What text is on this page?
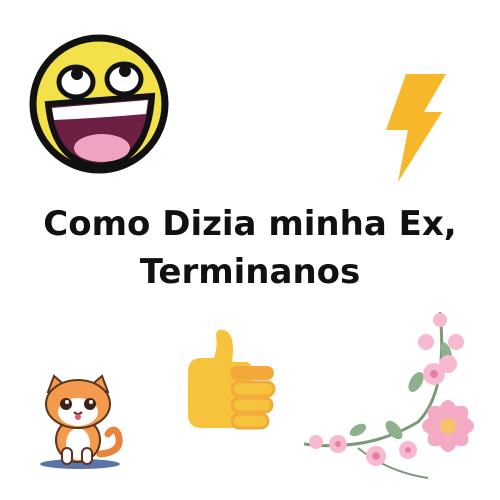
Como Dizia minha Ex,
Terminanos
